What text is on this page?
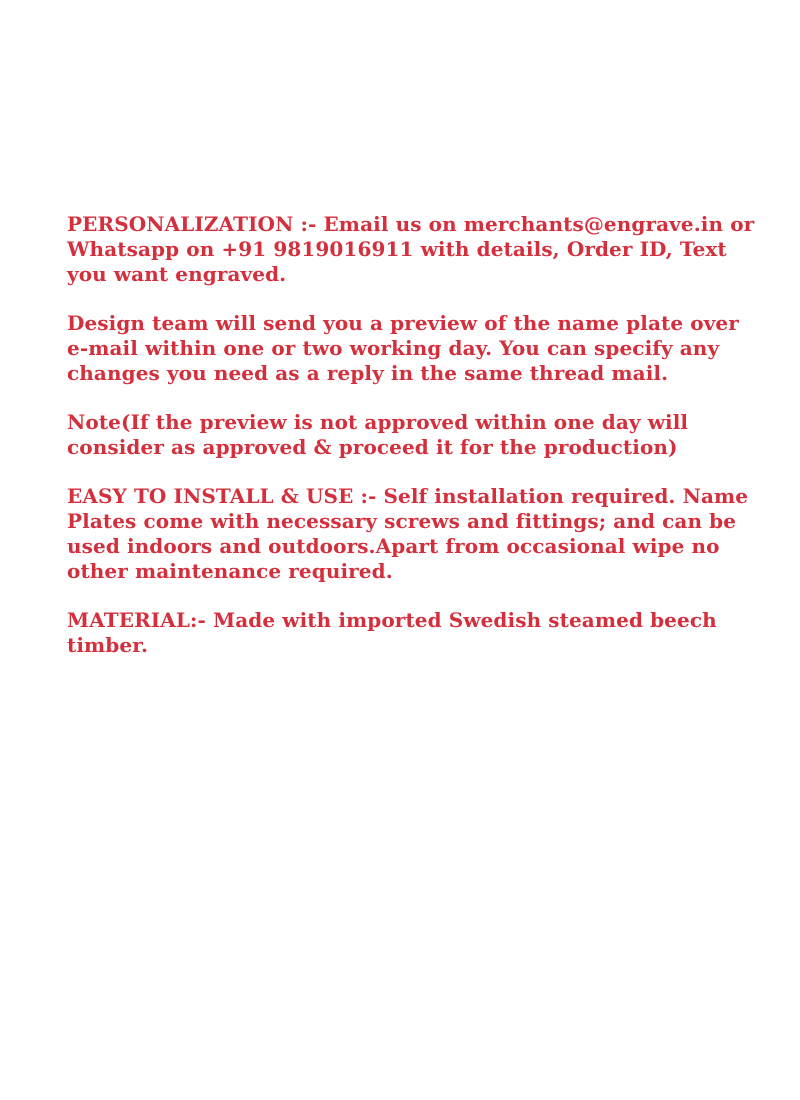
PERSONALIZATION :- Email us on merchants@engrave.in or Whatsapp on +91 9819016911 with details, Order ID, Text you want engraved.

Design team will send you a preview of the name plate over e-mail within one or two working day. You can specify any changes you need as a reply in the same thread mail.

Note(If the preview is not approved within one day will consider as approved & proceed it for the production)

EASY TO INSTALL & USE :- Self installation required. Name Plates come with necessary screws and fittings; and can be used indoors and outdoors.Apart from occasional wipe no other maintenance required.

MATERIAL:- Made with imported Swedish steamed beech timber.
